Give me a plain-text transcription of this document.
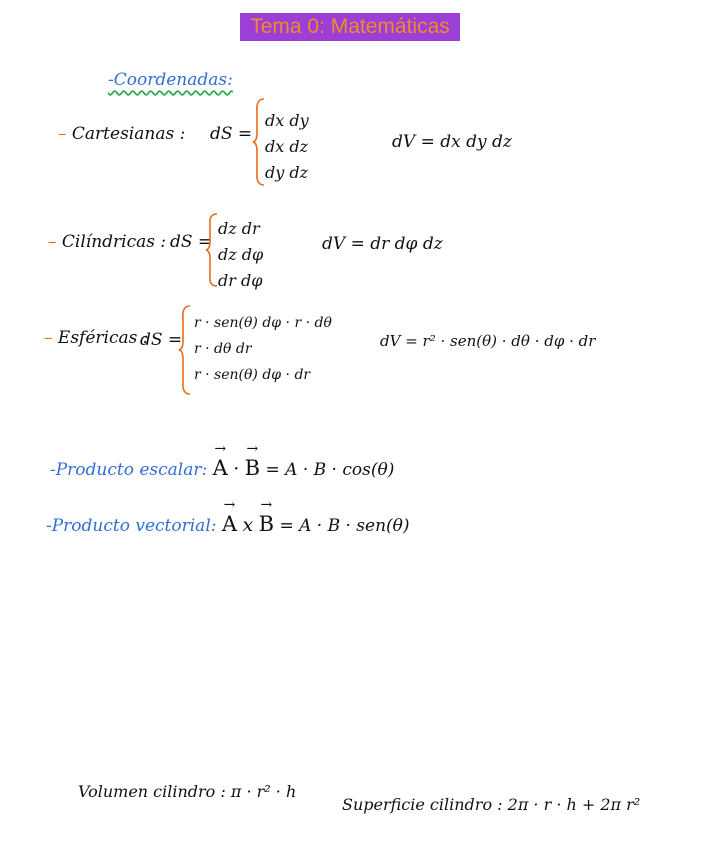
Tema 0: Matemáticas
-Coordenadas:
– Cartesianas : dS =
dx dy
dx dz
dy dz
dV = dx dy dz
– Cilíndricas : dS =
dz dr
dz dφ
dr dφ
dV = dr dφ dz
– Esféricas :
dS =
r · sen(θ) dφ · r · dθ
r · dθ dr
r · sen(θ) dφ · dr
dV = r² · sen(θ) · dθ · dφ · dr
-Producto escalar: → A · → B = A · B · cos(θ)
-Producto vectorial: → A x → B = A · B · sen(θ)
Volumen cilindro : π · r² · h
Superficie cilindro : 2π · r · h + 2π r²
